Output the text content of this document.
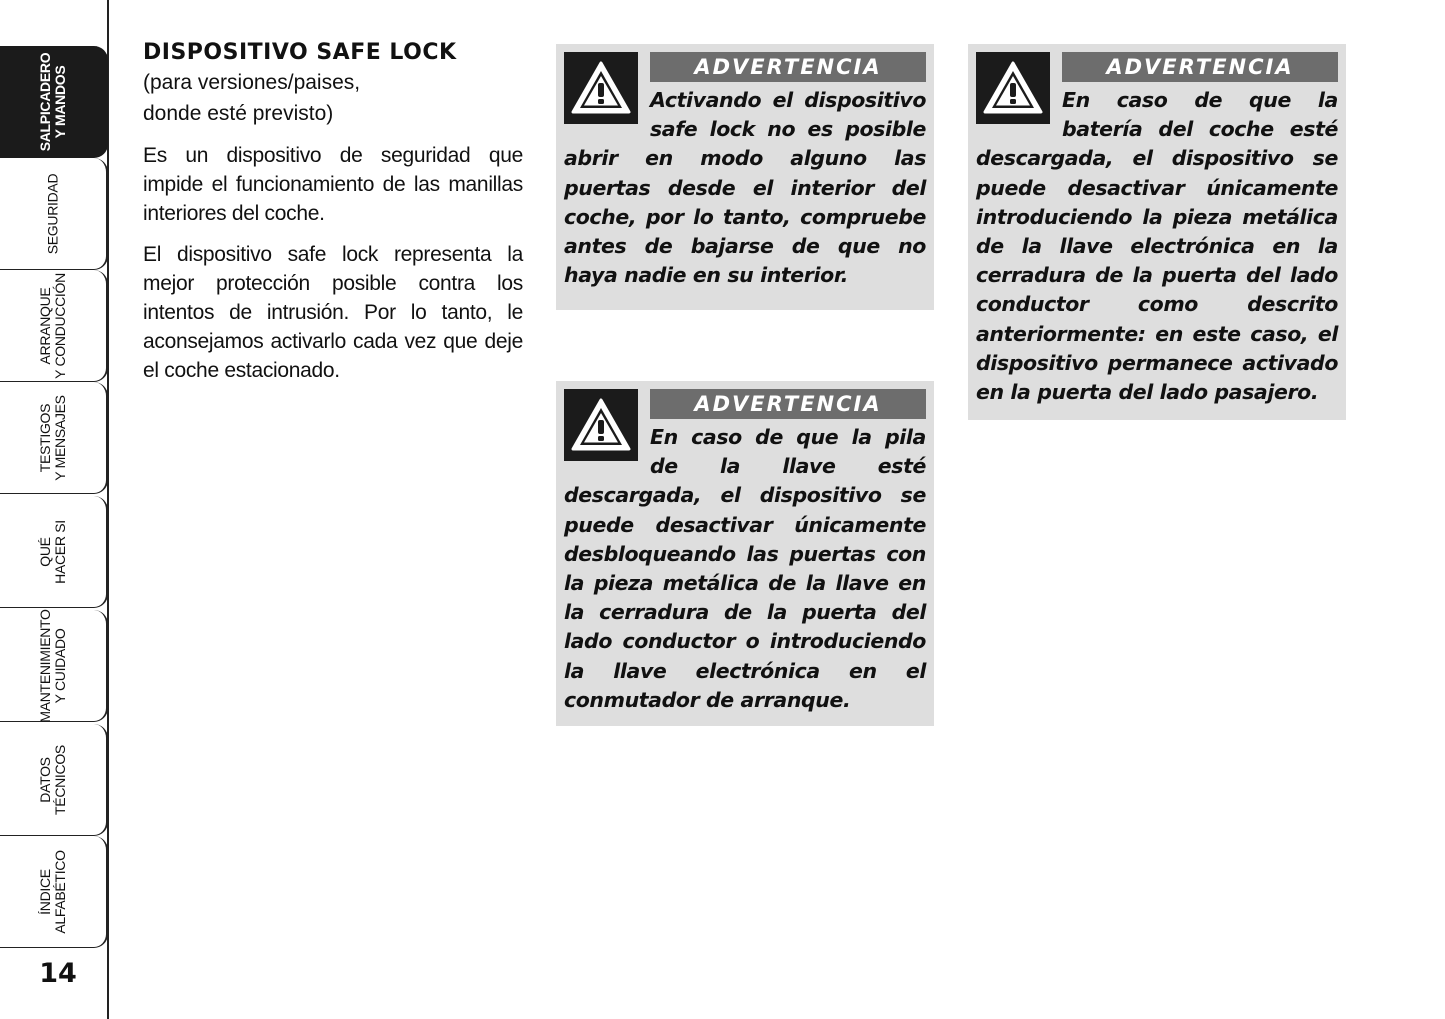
SALPICADERO
Y MANDOS
SEGURIDAD
ARRANQUE
Y CONDUCCIÓN
TESTIGOS
Y MENSAJES
QUÉ
HACER SI
MANTENIMIENTO
Y CUIDADO
DATOS
TÉCNICOS
ÍNDICE
ALFABÉTICO
14
DISPOSITIVO SAFE LOCK

(para versiones/paises,
donde esté previsto)

Es un dispositivo de seguridad que impide el funcionamiento de las manillas interiores del coche.

El dispositivo safe lock representa la mejor protección posible contra los intentos de intrusión. Por lo tanto, le aconsejamos activarlo cada vez que deje el coche estacionado.

ADVERTENCIA

Activando el dispositivo safe lock no es posible abrir en modo alguno las puertas desde el interior del coche, por lo tanto, compruebe antes de bajarse de que no haya nadie en su interior.

ADVERTENCIA

En caso de que la pila de la llave esté descargada, el dispositivo se puede desactivar únicamente desbloqueando las puertas con la pieza metálica de la llave en la cerradura de la puerta del lado conductor o introduciendo la llave electrónica en el conmutador de arranque.

ADVERTENCIA

En caso de que la batería del coche esté descargada, el dispositivo se puede desactivar únicamente introduciendo la pieza metálica de la llave electrónica en la cerradura de la puerta del lado conductor como descrito anteriormente: en este caso, el dispositivo permanece activado en la puerta del lado pasajero.
